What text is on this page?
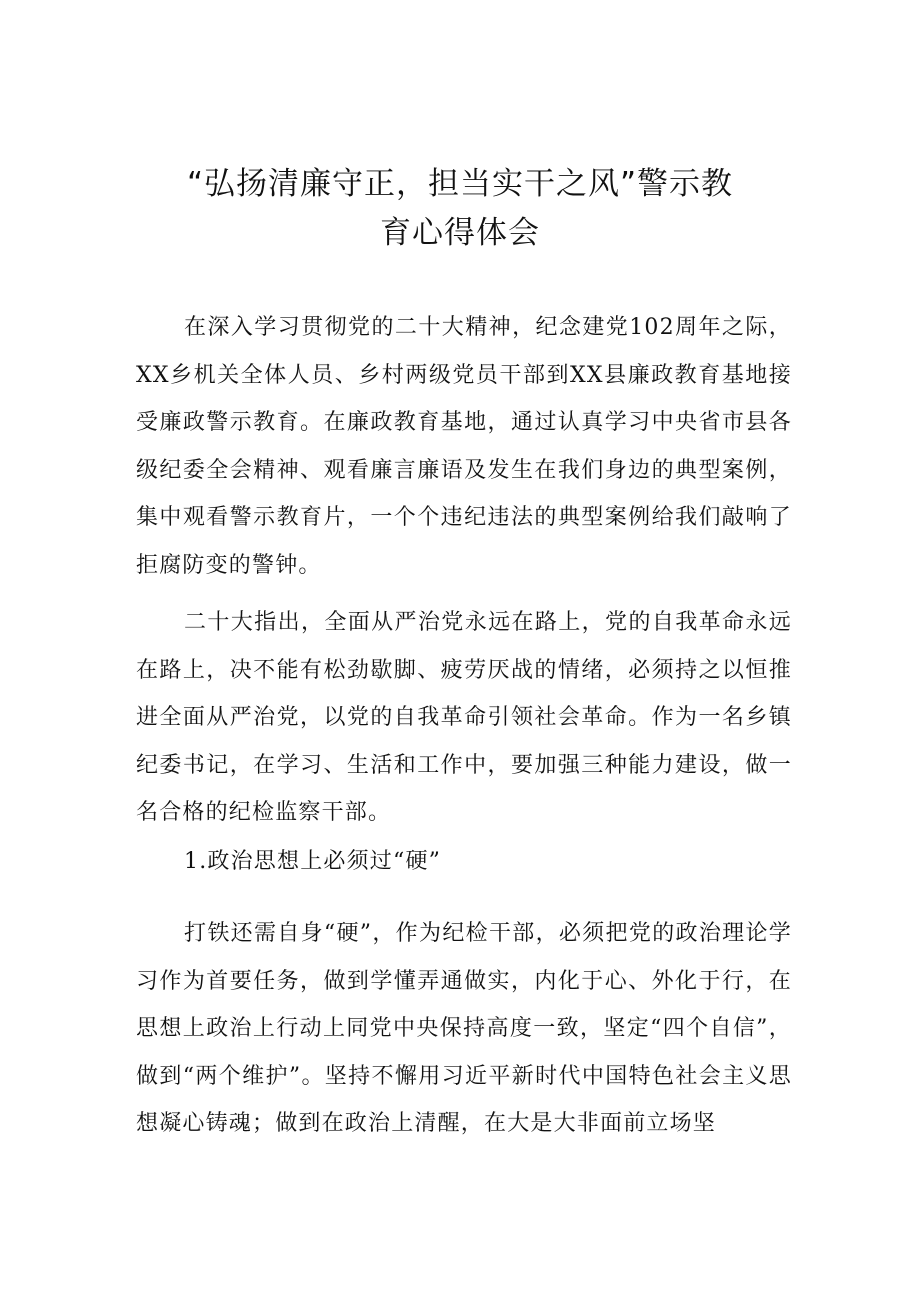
“弘扬清廉守正，担当实干之风”警示教
育心得体会

在深入学习贯彻党的二十大精神，纪念建党102周年之际，XX乡机关全体人员、乡村两级党员干部到XX县廉政教育基地接受廉政警示教育。在廉政教育基地，通过认真学习中央省市县各级纪委全会精神、观看廉言廉语及发生在我们身边的典型案例，集中观看警示教育片，一个个违纪违法的典型案例给我们敲响了拒腐防变的警钟。

二十大指出，全面从严治党永远在路上，党的自我革命永远在路上，决不能有松劲歇脚、疲劳厌战的情绪，必须持之以恒推进全面从严治党，以党的自我革命引领社会革命。作为一名乡镇纪委书记，在学习、生活和工作中，要加强三种能力建设，做一名合格的纪检监察干部。

1.政治思想上必须过“硬”

打铁还需自身“硬”，作为纪检干部，必须把党的政治理论学习作为首要任务，做到学懂弄通做实，内化于心、外化于行，在思想上政治上行动上同党中央保持高度一致，坚定“四个自信”，做到“两个维护”。坚持不懈用习近平新时代中国特色社会主义思想凝心铸魂；做到在政治上清醒，在大是大非面前立场坚
